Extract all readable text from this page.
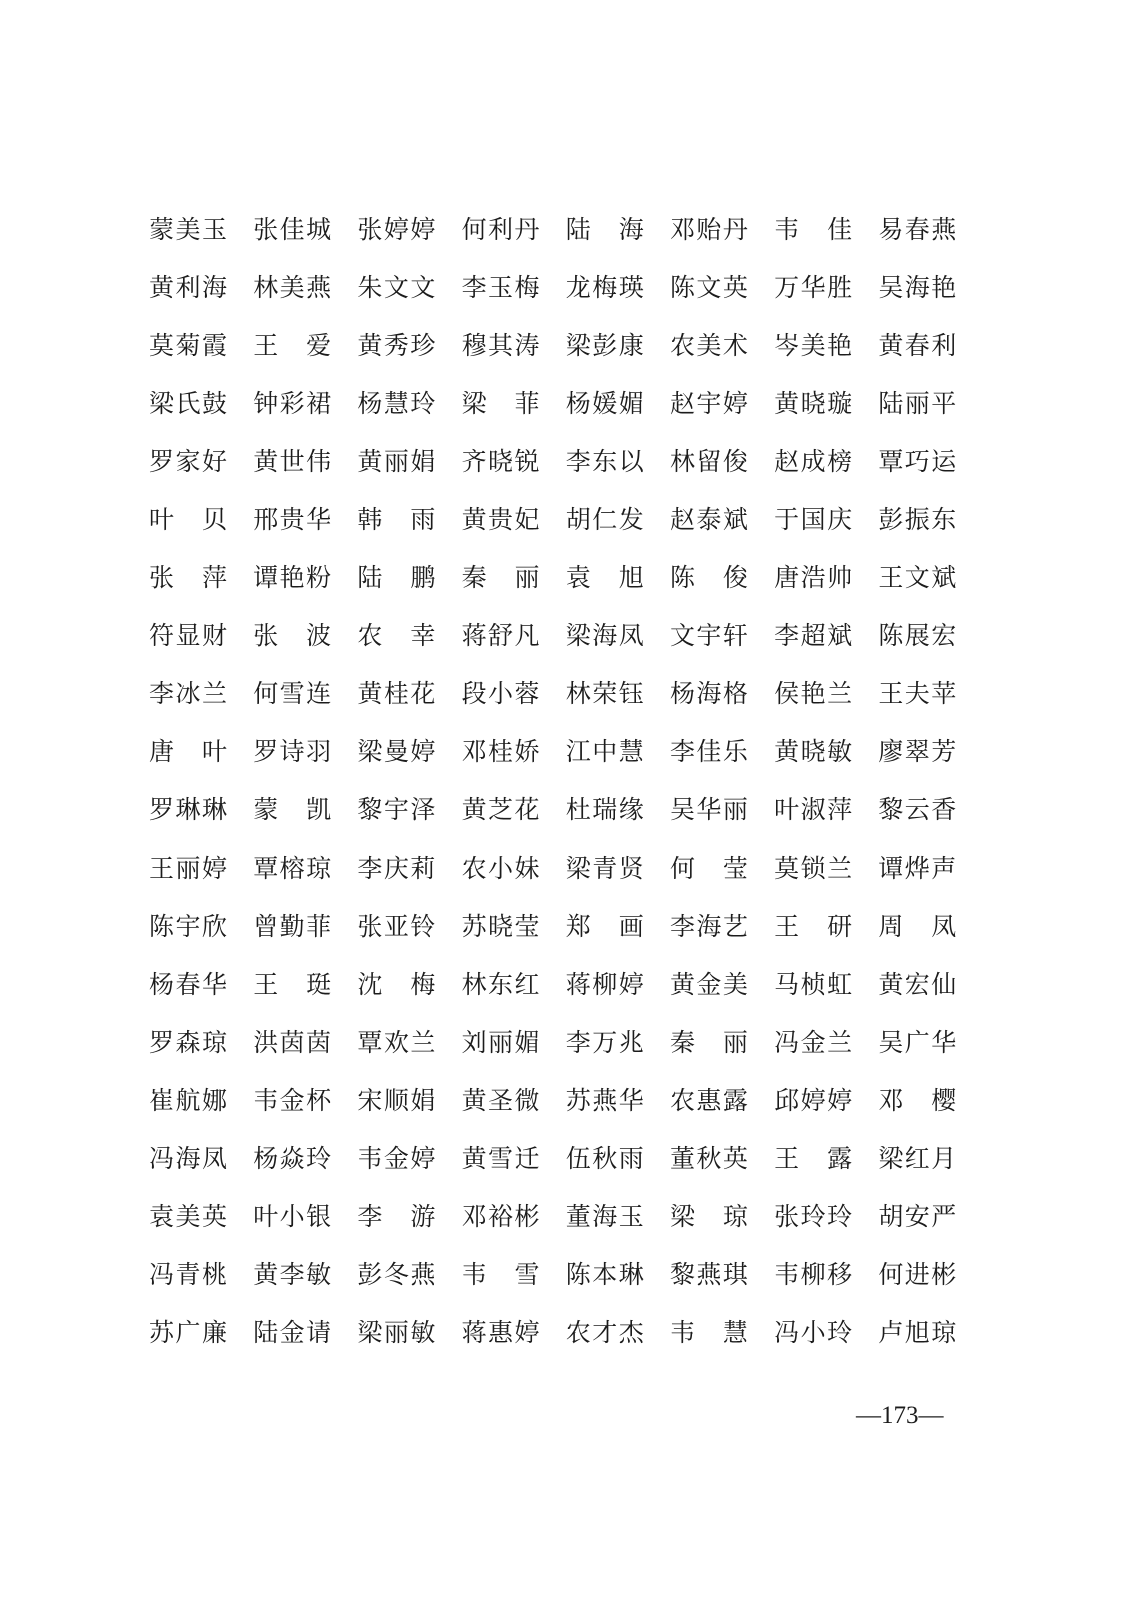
蒙美玉	张佳城	张婷婷	何利丹	陆　海	邓贻丹	韦　佳	易春燕
黄利海	林美燕	朱文文	李玉梅	龙梅瑛	陈文英	万华胜	吴海艳
莫菊霞	王　爱	黄秀珍	穆其涛	梁彭康	农美术	岑美艳	黄春利
梁氏鼓	钟彩裙	杨慧玲	梁　菲	杨媛媚	赵宇婷	黄晓璇	陆丽平
罗家好	黄世伟	黄丽娟	齐晓锐	李东以	林留俊	赵成榜	覃巧运
叶　贝	邢贵华	韩　雨	黄贵妃	胡仁发	赵泰斌	于国庆	彭振东
张　萍	谭艳粉	陆　鹏	秦　丽	袁　旭	陈　俊	唐浩帅	王文斌
符显财	张　波	农　幸	蒋舒凡	梁海凤	文宇轩	李超斌	陈展宏
李冰兰	何雪连	黄桂花	段小蓉	林荣钰	杨海格	侯艳兰	王夫苹
唐　叶	罗诗羽	梁曼婷	邓桂娇	江中慧	李佳乐	黄晓敏	廖翠芳
罗琳琳	蒙　凯	黎宇泽	黄芝花	杜瑞缘	吴华丽	叶淑萍	黎云香
王丽婷	覃榕琼	李庆莉	农小妹	梁青贤	何　莹	莫锁兰	谭烨声
陈宇欣	曾勤菲	张亚铃	苏晓莹	郑　画	李海艺	王　研	周　凤
杨春华	王　珽	沈　梅	林东红	蒋柳婷	黄金美	马桢虹	黄宏仙
罗森琼	洪茵茵	覃欢兰	刘丽媚	李万兆	秦　丽	冯金兰	吴广华
崔航娜	韦金杯	宋顺娟	黄圣微	苏燕华	农惠露	邱婷婷	邓　樱
冯海凤	杨焱玲	韦金婷	黄雪迁	伍秋雨	董秋英	王　露	梁红月
袁美英	叶小银	李　游	邓裕彬	董海玉	梁　琼	张玲玲	胡安严
冯青桃	黄李敏	彭冬燕	韦　雪	陈本琳	黎燕琪	韦柳移	何进彬
苏广廉	陆金请	梁丽敏	蒋惠婷	农才杰	韦　慧	冯小玲	卢旭琼
—173—
